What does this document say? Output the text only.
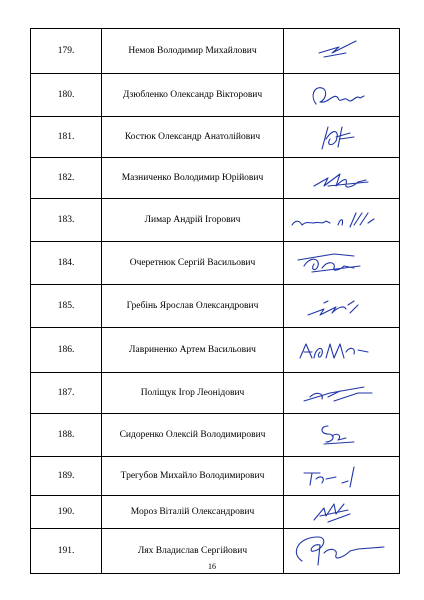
179.	Немов Володимир Михайлович	

180.	Дзюбленко Олександр Вікторович	

181.	Костюк Олександр Анатолійович	

182.	Мазниченко Володимир Юрійович	

183.	Лимар Андрій Ігорович	

184.	Очеретнюк Сергій Васильович	

185.	Гребінь Ярослав Олександрович	

186.	Лавриненко Артем Васильович	

187.	Поліщук Ігор Леонідович	

188.	Сидоренко Олексій Володимирович	

189.	Трегубов Михайло Володимирович	

190.	Мороз Віталій Олександрович	

191.	Лях Владислав Сергійович	
16
